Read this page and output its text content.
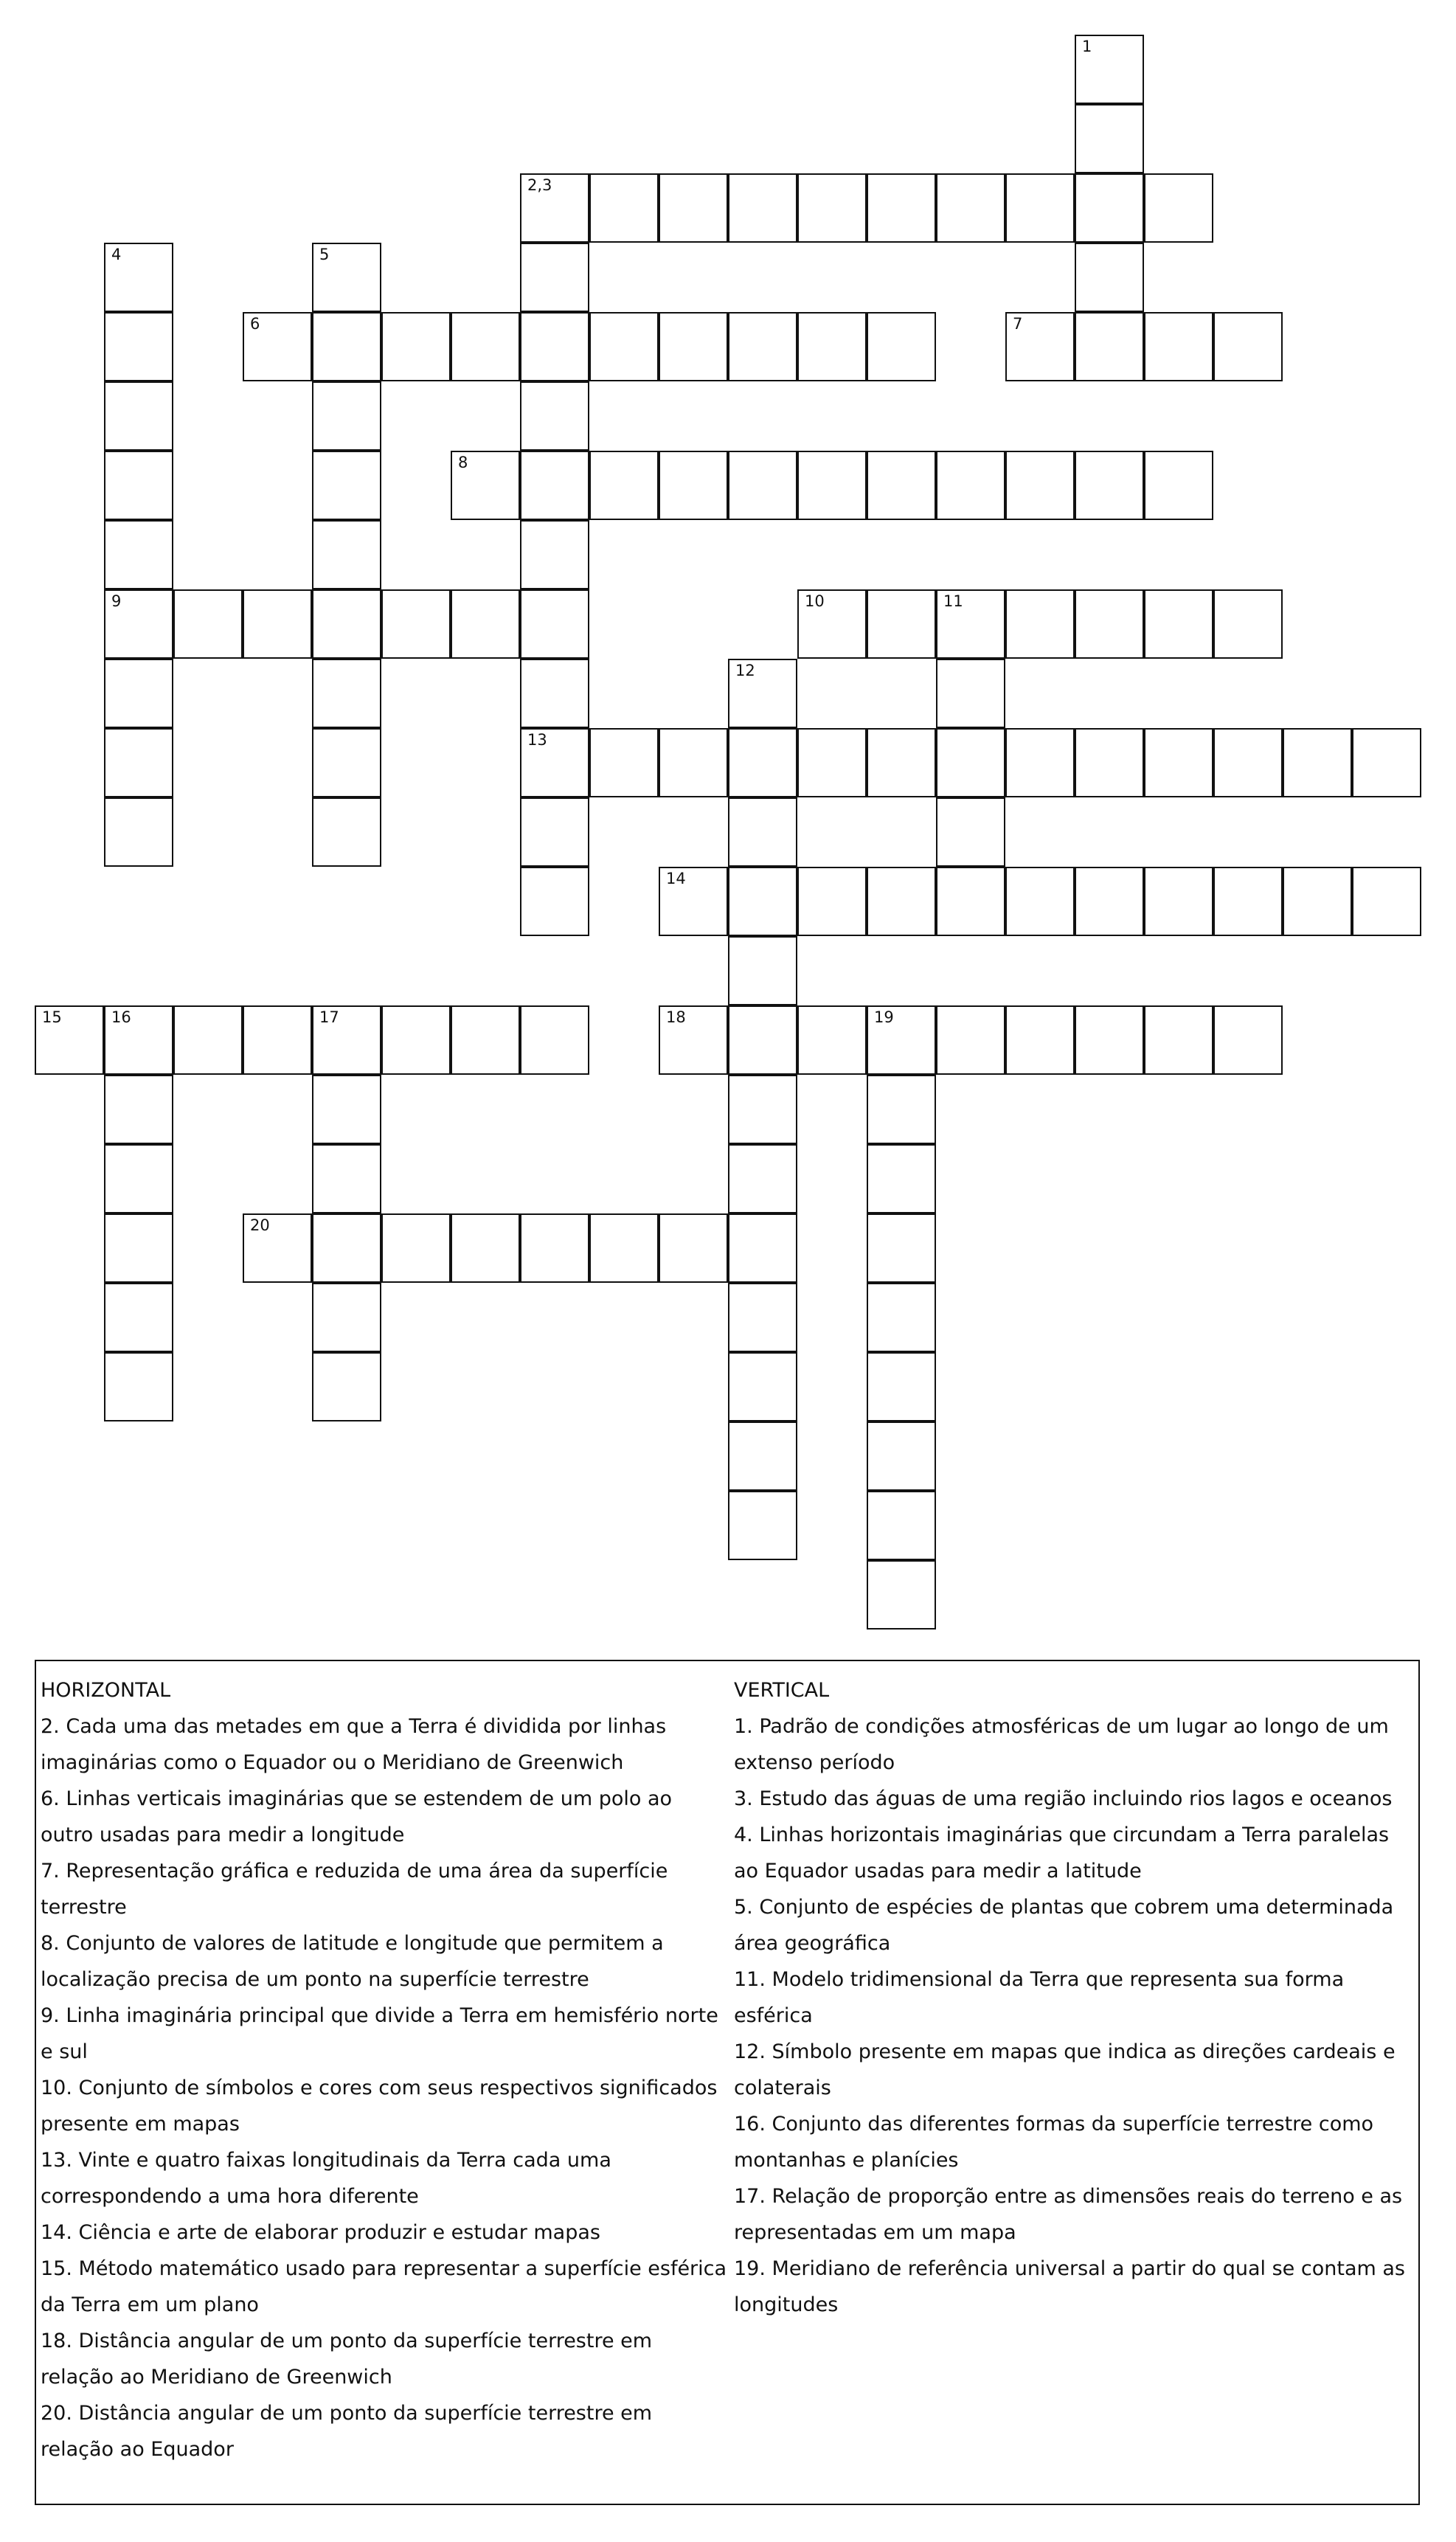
1
2,3
13
4
9
5
6	7
8
10	11
12
14
15	16	17	18	19
20
HORIZONTAL

2. Cada uma das metades em que a Terra é dividida por linhas imaginárias como o Equador ou o Meridiano de Greenwich

6. Linhas verticais imaginárias que se estendem de um polo ao outro usadas para medir a longitude

7. Representação gráfica e reduzida de uma área da superfície terrestre

8. Conjunto de valores de latitude e longitude que permitem a localização precisa de um ponto na superfície terrestre

9. Linha imaginária principal que divide a Terra em hemisfério norte e sul

10. Conjunto de símbolos e cores com seus respectivos significados presente em mapas

13. Vinte e quatro faixas longitudinais da Terra cada uma correspondendo a uma hora diferente

14. Ciência e arte de elaborar produzir e estudar mapas

15. Método matemático usado para representar a superfície esférica da Terra em um plano

18. Distância angular de um ponto da superfície terrestre em relação ao Meridiano de Greenwich

20. Distância angular de um ponto da superfície terrestre em relação ao Equador

VERTICAL

1. Padrão de condições atmosféricas de um lugar ao longo de um extenso período

3. Estudo das águas de uma região incluindo rios lagos e oceanos

4. Linhas horizontais imaginárias que circundam a Terra paralelas ao Equador usadas para medir a latitude

5. Conjunto de espécies de plantas que cobrem uma determinada área geográfica

11. Modelo tridimensional da Terra que representa sua forma esférica

12. Símbolo presente em mapas que indica as direções cardeais e colaterais

16. Conjunto das diferentes formas da superfície terrestre como montanhas e planícies

17. Relação de proporção entre as dimensões reais do terreno e as representadas em um mapa

19. Meridiano de referência universal a partir do qual se contam as longitudes
